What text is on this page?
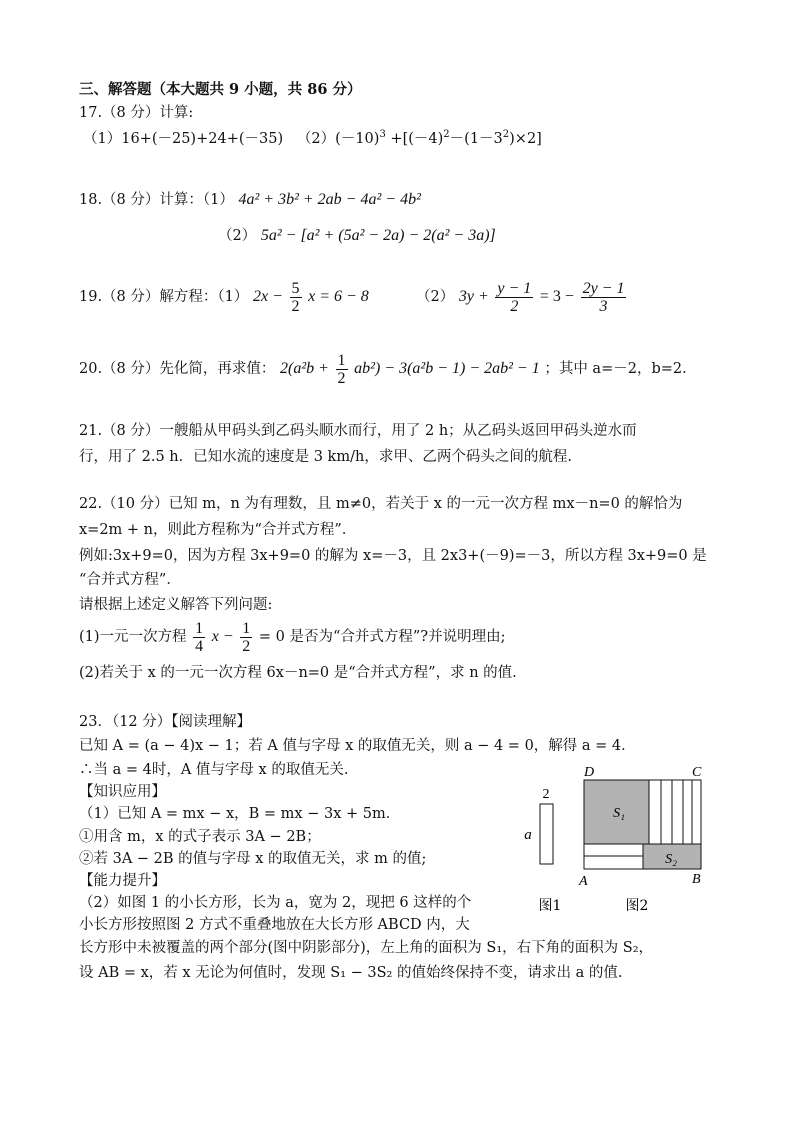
三、解答题（本大题共 9 小题，共 86 分）
17.（8 分）计算:
（1）16+(－25)+24+(－35) $(2)(-10)^3 +[(-4)^2-(1-3^2)\times 2]$
18.（8 分）计算：（1） 4a² + 3b² + 2ab − 4a² − 4b²
（2） 5a² − [a² + (5a² − 2a) − 2(a² − 3a)]
19.（8 分）解方程：（1） $2x - \frac{5}{2}$ x = 6 − 8	（2） $3y + \frac{y - 1}{2} = 3 - \frac{2y - 1}{3}$
20.（8 分）先化简，再求值： $2(a^2b + \frac{1}{2} ab^2) - 3(a^2b - 1) - 2ab^2 - 1$ ；其中 a=－2，b=2.
21.（8 分）一艘船从甲码头到乙码头顺水而行，用了 2 h；从乙码头返回甲码头逆水而
行，用了 2.5 h．已知水流的速度是 3 km/h，求甲、乙两个码头之间的航程.
22.（10 分）已知 m，n 为有理数，且 m≠0，若关于 x 的一元一次方程 mx－n=0 的解恰为
x=2m + n，则此方程称为“合并式方程”．
例如:3x+9=0，因为方程 3x+9=0 的解为 x=－3，且 2x3+(－9)=－3，所以方程 3x+9=0 是
“合并式方程”．
请根据上述定义解答下列问题:
(1)一元一次方程 $\frac{1}{4}$ $x - \frac{1}{2} = 0$ 是否为“合并式方程”?并说明理由;
(2)若关于 x 的一元一次方程 6x－n=0 是“合并式方程”，求 n 的值.
23．（12 分）【阅读理解】
已知 A = (a − 4)x − 1；若 A 值与字母 x 的取值无关，则 a − 4 = 0，解得 a = 4．
∴当 a = 4时，A 值与字母 x 的取值无关.
【知识应用】
（1）已知 A = mx − x，B = mx − 3x + 5m．
①用含 m，x 的式子表示 3A − 2B；
②若 3A − 2B 的值与字母 x 的取值无关，求 m 的值;
【能力提升】
（2）如图 1 的小长方形，长为 a，宽为 2，现把 6 这样的个
小长方形按照图 2 方式不重叠地放在大长方形 ABCD 内，大
长方形中未被覆盖的两个部分(图中阴影部分)，左上角的面积为 S₁，右下角的面积为 S₂，
设 AB = x，若 x 无论为何值时，发现 S₁ − 3S₂ 的值始终保持不变，请求出 a 的值.
2
a
图1
D	C
A	B
S₁
S₂
图2
